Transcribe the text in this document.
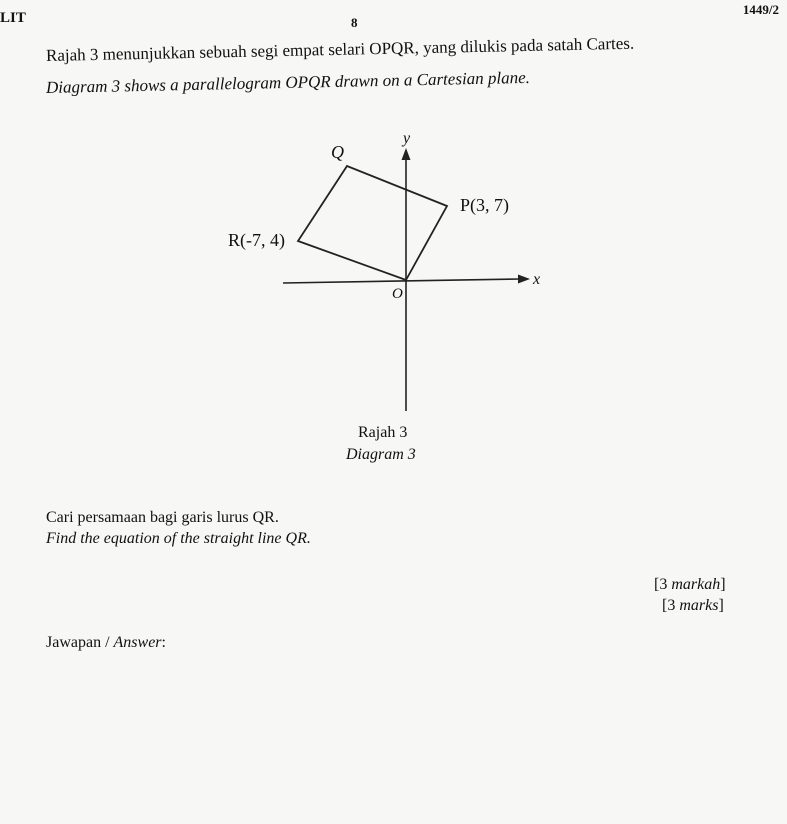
LIT	8
1449/2
Rajah 3 menunjukkan sebuah segi empat selari OPQR, yang dilukis pada satah Cartes.
Diagram 3 shows a parallelogram OPQR drawn on a Cartesian plane.
y
x
O
Q
P(3, 7)
R(-7, 4)
Rajah 3
Diagram 3
Cari persamaan bagi garis lurus QR.
Find the equation of the straight line QR.
[3 markah]
[3 marks]
Jawapan / Answer:
